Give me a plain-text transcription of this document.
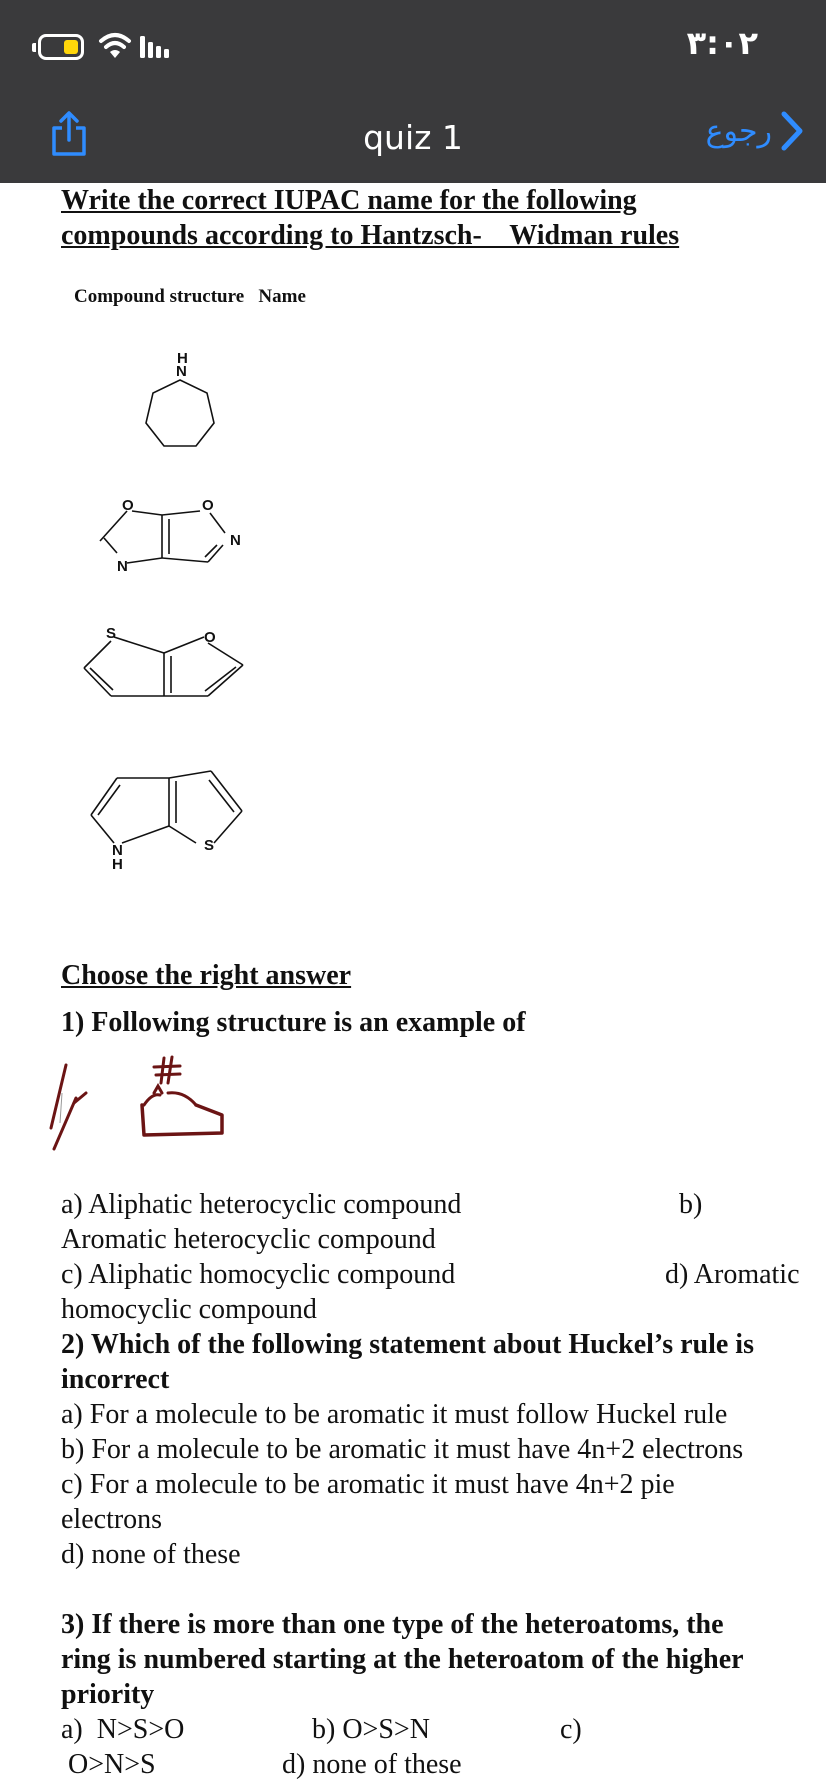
٣:٠٢
quiz 1	رجوع
Write the correct IUPAC name for the following
compounds according to Hantzsch-    Widman rules
Compound structure Name
H
N
O	O
N
N
S	O
N
H
S
Choose the right answer
1) Following structure is an example of
a) Aliphatic heterocyclic compound	b)
Aromatic heterocyclic compound
c) Aliphatic homocyclic compound	d) Aromatic
homocyclic compound
2) Which of the following statement about Huckel’s rule is
incorrect
a) For a molecule to be aromatic it must follow Huckel rule
b) For a molecule to be aromatic it must have 4n+2 electrons
c) For a molecule to be aromatic it must have 4n+2 pie
electrons
d) none of these
3) If there is more than one type of the heteroatoms, the
ring is numbered starting at the heteroatom of the higher
priority
a)  N>S>O	b) O>S>N	c)
O>N>S	d) none of these
